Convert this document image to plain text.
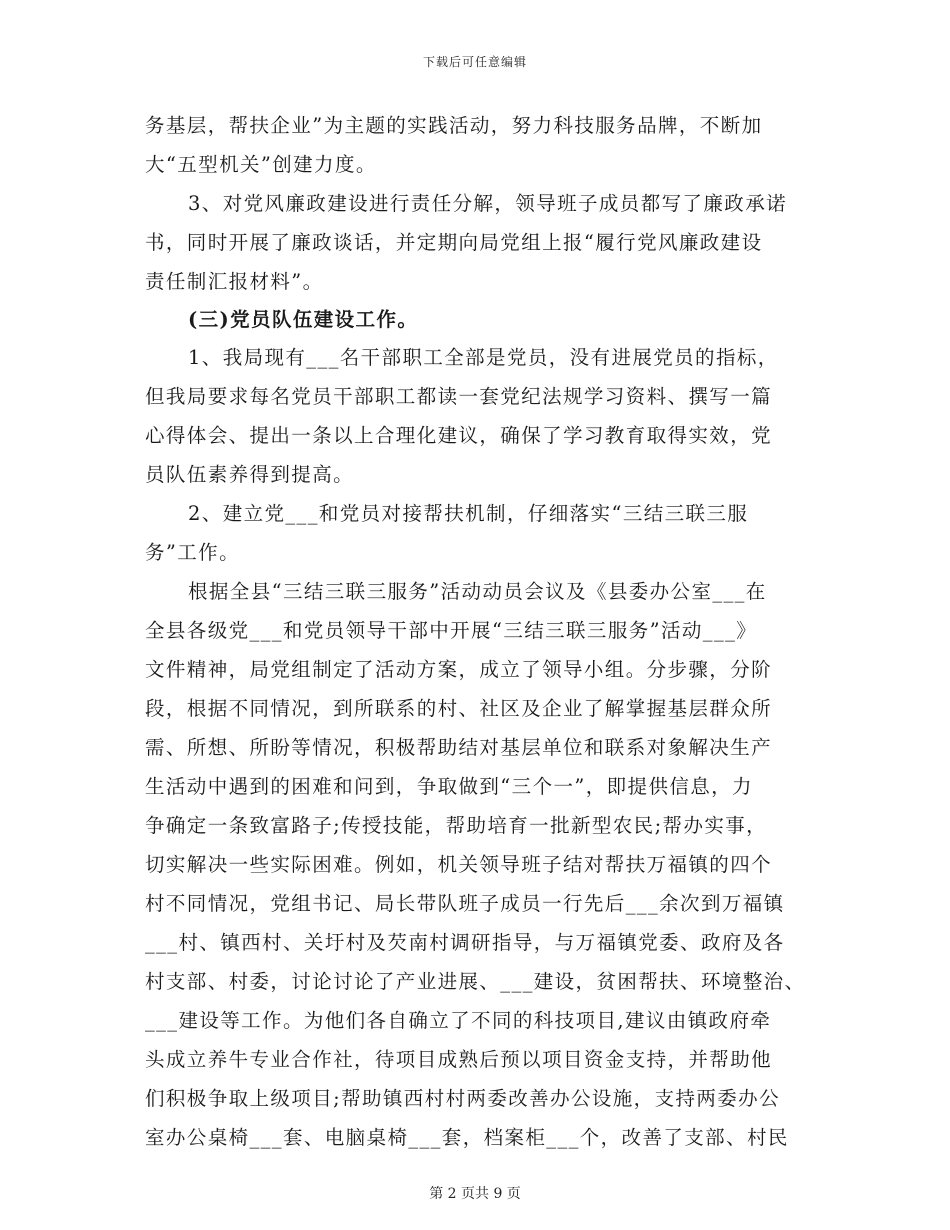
下载后可任意编辑
务基层，帮扶企业”为主题的实践活动，努力科技服务品牌，不断加
大“五型机关”创建力度。
3、对党风廉政建设进行责任分解，领导班子成员都写了廉政承诺
书，同时开展了廉政谈话，并定期向局党组上报“履行党风廉政建设
责任制汇报材料”。
(三)党员队伍建设工作。
1、我局现有___名干部职工全部是党员，没有进展党员的指标，
但我局要求每名党员干部职工都读一套党纪法规学习资料、撰写一篇
心得体会、提出一条以上合理化建议，确保了学习教育取得实效，党
员队伍素养得到提高。
2、建立党___和党员对接帮扶机制，仔细落实“三结三联三服
务”工作。
根据全县“三结三联三服务”活动动员会议及《县委办公室___在
全县各级党___和党员领导干部中开展“三结三联三服务”活动___》
文件精神，局党组制定了活动方案，成立了领导小组。分步骤，分阶
段，根据不同情况，到所联系的村、社区及企业了解掌握基层群众所
需、所想、所盼等情况，积极帮助结对基层单位和联系对象解决生产
生活动中遇到的困难和问到，争取做到“三个一”，即提供信息，力
争确定一条致富路子;传授技能，帮助培育一批新型农民;帮办实事，
切实解决一些实际困难。例如，机关领导班子结对帮扶万福镇的四个
村不同情况，党组书记、局长带队班子成员一行先后___余次到万福镇
___村、镇西村、关圩村及芡南村调研指导，与万福镇党委、政府及各
村支部、村委，讨论讨论了产业进展、___建设，贫困帮扶、环境整治、
___建设等工作。为他们各自确立了不同的科技项目,建议由镇政府牵
头成立养牛专业合作社，待项目成熟后预以项目资金支持，并帮助他
们积极争取上级项目;帮助镇西村村两委改善办公设施，支持两委办公
室办公桌椅___套、电脑桌椅___套，档案柜___个，改善了支部、村民
第 2 页共 9 页
